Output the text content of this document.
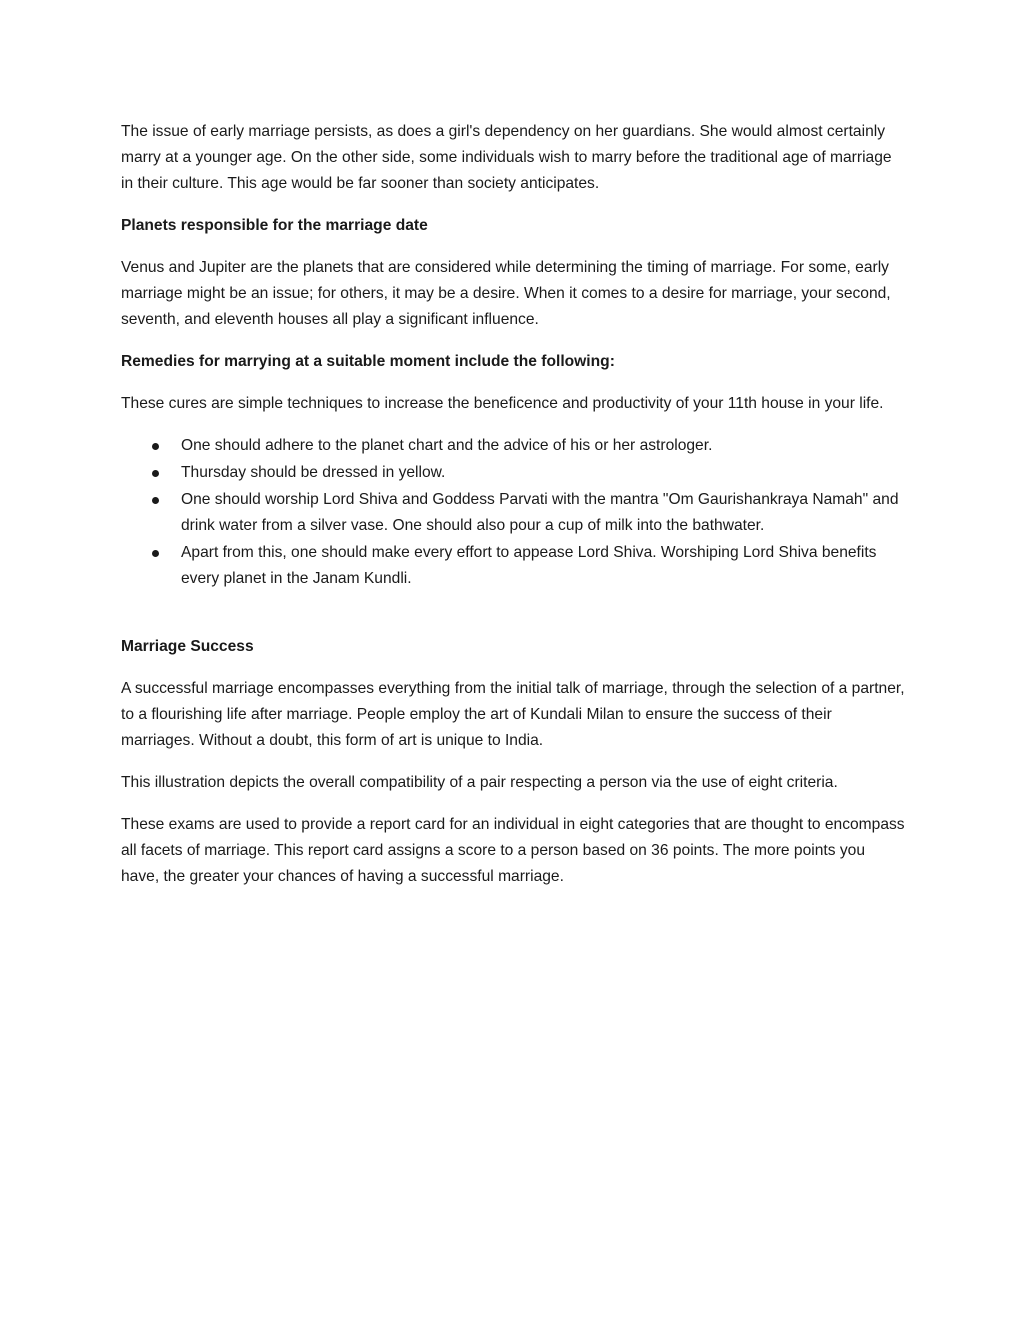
The issue of early marriage persists, as does a girl's dependency on her guardians. She would almost certainly marry at a younger age. On the other side, some individuals wish to marry before the traditional age of marriage in their culture. This age would be far sooner than society anticipates.

Planets responsible for the marriage date

Venus and Jupiter are the planets that are considered while determining the timing of marriage. For some, early marriage might be an issue; for others, it may be a desire. When it comes to a desire for marriage, your second, seventh, and eleventh houses all play a significant influence.

Remedies for marrying at a suitable moment include the following:

These cures are simple techniques to increase the beneficence and productivity of your 11th house in your life.

One should adhere to the planet chart and the advice of his or her astrologer.
Thursday should be dressed in yellow.
One should worship Lord Shiva and Goddess Parvati with the mantra "Om Gaurishankraya Namah" and drink water from a silver vase. One should also pour a cup of milk into the bathwater.
Apart from this, one should make every effort to appease Lord Shiva. Worshiping Lord Shiva benefits every planet in the Janam Kundli.

Marriage Success

A successful marriage encompasses everything from the initial talk of marriage, through the selection of a partner, to a flourishing life after marriage. People employ the art of Kundali Milan to ensure the success of their marriages. Without a doubt, this form of art is unique to India.

This illustration depicts the overall compatibility of a pair respecting a person via the use of eight criteria.

These exams are used to provide a report card for an individual in eight categories that are thought to encompass all facets of marriage. This report card assigns a score to a person based on 36 points. The more points you have, the greater your chances of having a successful marriage.
